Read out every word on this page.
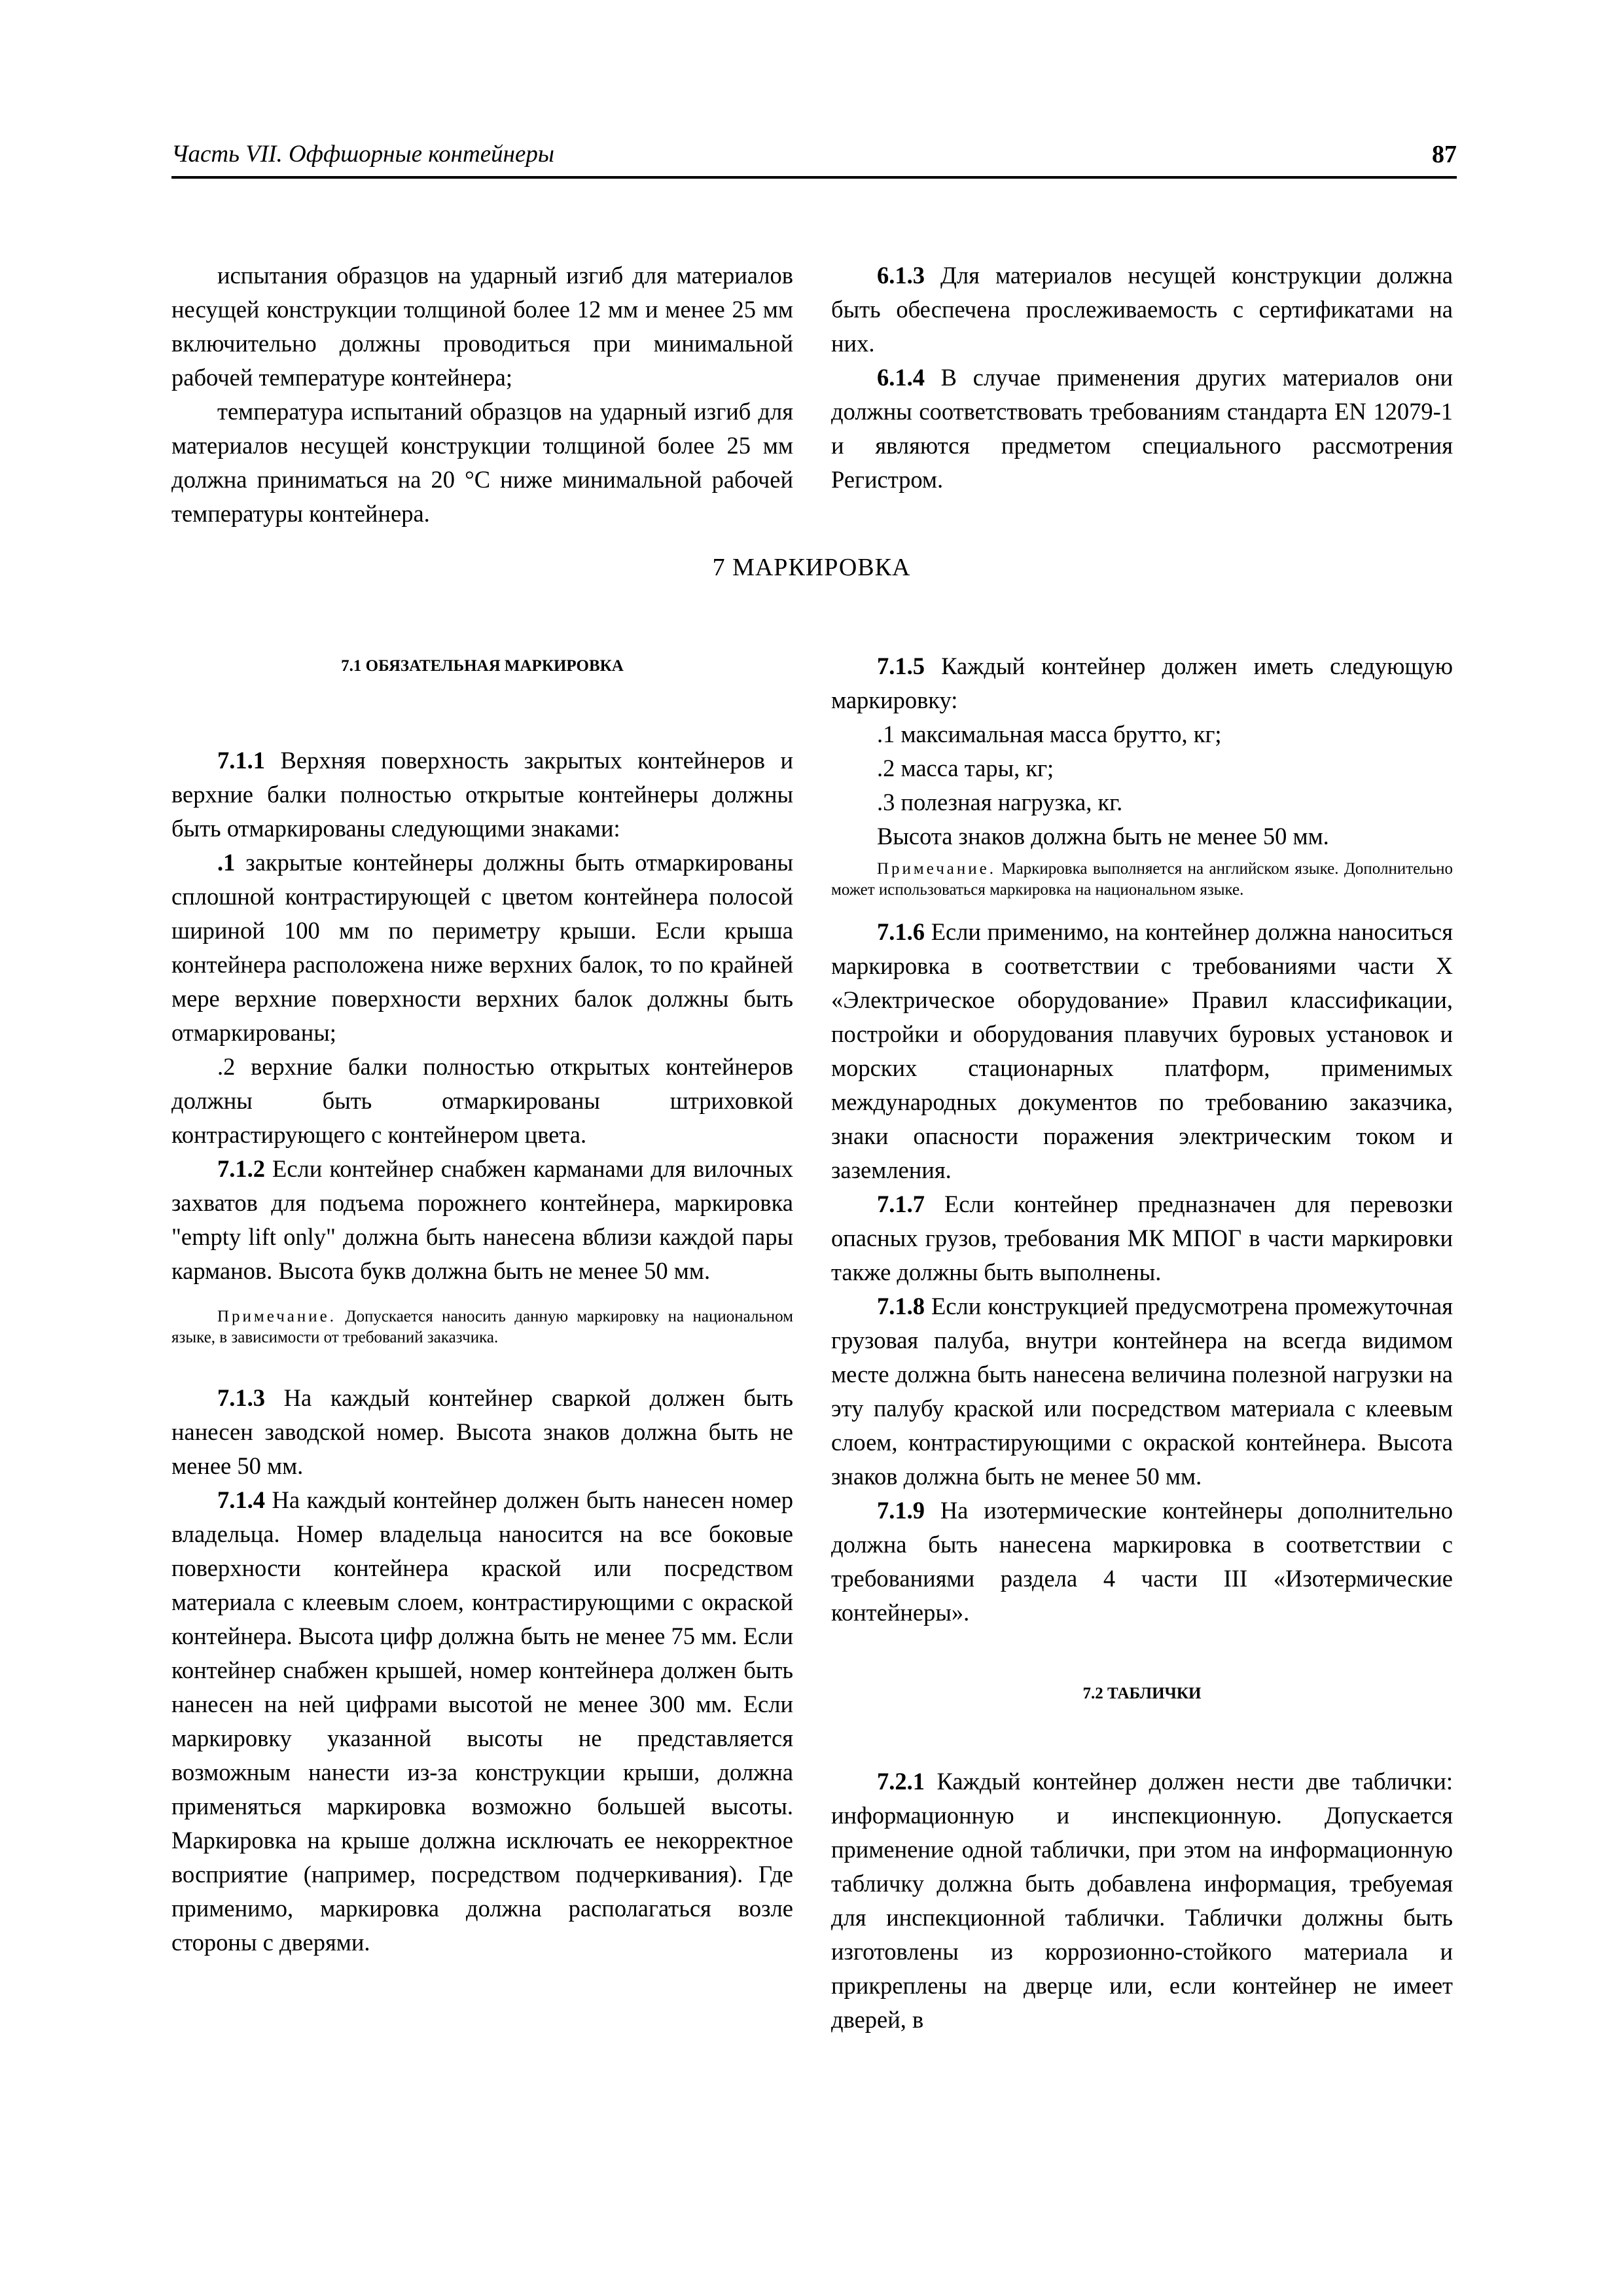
Часть VII. Оффшорные контейнеры	87

испытания образцов на ударный изгиб для материалов несущей конструкции толщиной более 12 мм и менее 25 мм включительно должны проводиться при минимальной рабочей температуре контейнера;

температура испытаний образцов на ударный изгиб для материалов несущей конструкции толщиной более 25 мм должна приниматься на 20 °С ниже минимальной рабочей температуры контейнера.

6.1.3 Для материалов несущей конструкции должна быть обеспечена прослеживаемость с сертификатами на них.

6.1.4 В случае применения других материалов они должны соответствовать требованиям стандарта EN 12079-1 и являются предметом специального рассмотрения Регистром.

7 МАРКИРОВКА

7.1 ОБЯЗАТЕЛЬНАЯ МАРКИРОВКА

7.1.1 Верхняя поверхность закрытых контейнеров и верхние балки полностью открытые контейнеры должны быть отмаркированы следующими знаками:

.1 закрытые контейнеры должны быть отмаркированы сплошной контрастирующей с цветом контейнера полосой шириной 100 мм по периметру крыши. Если крыша контейнера расположена ниже верхних балок, то по крайней мере верхние поверхности верхних балок должны быть отмаркированы;

.2 верхние балки полностью открытых контейнеров должны быть отмаркированы штриховкой контрастирующего с контейнером цвета.

7.1.2 Если контейнер снабжен карманами для вилочных захватов для подъема порожнего контейнера, маркировка "empty lift only" должна быть нанесена вблизи каждой пары карманов. Высота букв должна быть не менее 50 мм.

Примечание. Допускается наносить данную маркировку на национальном языке, в зависимости от требований заказчика.

7.1.3 На каждый контейнер сваркой должен быть нанесен заводской номер. Высота знаков должна быть не менее 50 мм.

7.1.4 На каждый контейнер должен быть нанесен номер владельца. Номер владельца наносится на все боковые поверхности контейнера краской или посредством материала с клеевым слоем, контрастирующими с окраской контейнера. Высота цифр должна быть не менее 75 мм. Если контейнер снабжен крышей, номер контейнера должен быть нанесен на ней цифрами высотой не менее 300 мм. Если маркировку указанной высоты не представляется возможным нанести из-за конструкции крыши, должна применяться маркировка возможно большей высоты. Маркировка на крыше должна исключать ее некорректное восприятие (например, посредством подчеркивания). Где применимо, маркировка должна располагаться возле стороны с дверями.

7.1.5 Каждый контейнер должен иметь следующую маркировку:

.1 максимальная масса брутто, кг;

.2 масса тары, кг;

.3 полезная нагрузка, кг.

Высота знаков должна быть не менее 50 мм.

Примечание. Маркировка выполняется на английском языке. Дополнительно может использоваться маркировка на национальном языке.

7.1.6 Если применимо, на контейнер должна наноситься маркировка в соответствии с требованиями части X «Электрическое оборудование» Правил классификации, постройки и оборудования плавучих буровых установок и морских стационарных платформ, применимых международных документов по требованию заказчика, знаки опасности поражения электрическим током и заземления.

7.1.7 Если контейнер предназначен для перевозки опасных грузов, требования МК МПОГ в части маркировки также должны быть выполнены.

7.1.8 Если конструкцией предусмотрена промежуточная грузовая палуба, внутри контейнера на всегда видимом месте должна быть нанесена величина полезной нагрузки на эту палубу краской или посредством материала с клеевым слоем, контрастирующими с окраской контейнера. Высота знаков должна быть не менее 50 мм.

7.1.9 На изотермические контейнеры дополнительно должна быть нанесена маркировка в соответствии с требованиями раздела 4 части III «Изотермические контейнеры».

7.2 ТАБЛИЧКИ

7.2.1 Каждый контейнер должен нести две таблички: информационную и инспекционную. Допускается применение одной таблички, при этом на информационную табличку должна быть добавлена информация, требуемая для инспекционной таблички. Таблички должны быть изготовлены из коррозионно-стойкого материала и прикреплены на дверце или, если контейнер не имеет дверей, в
